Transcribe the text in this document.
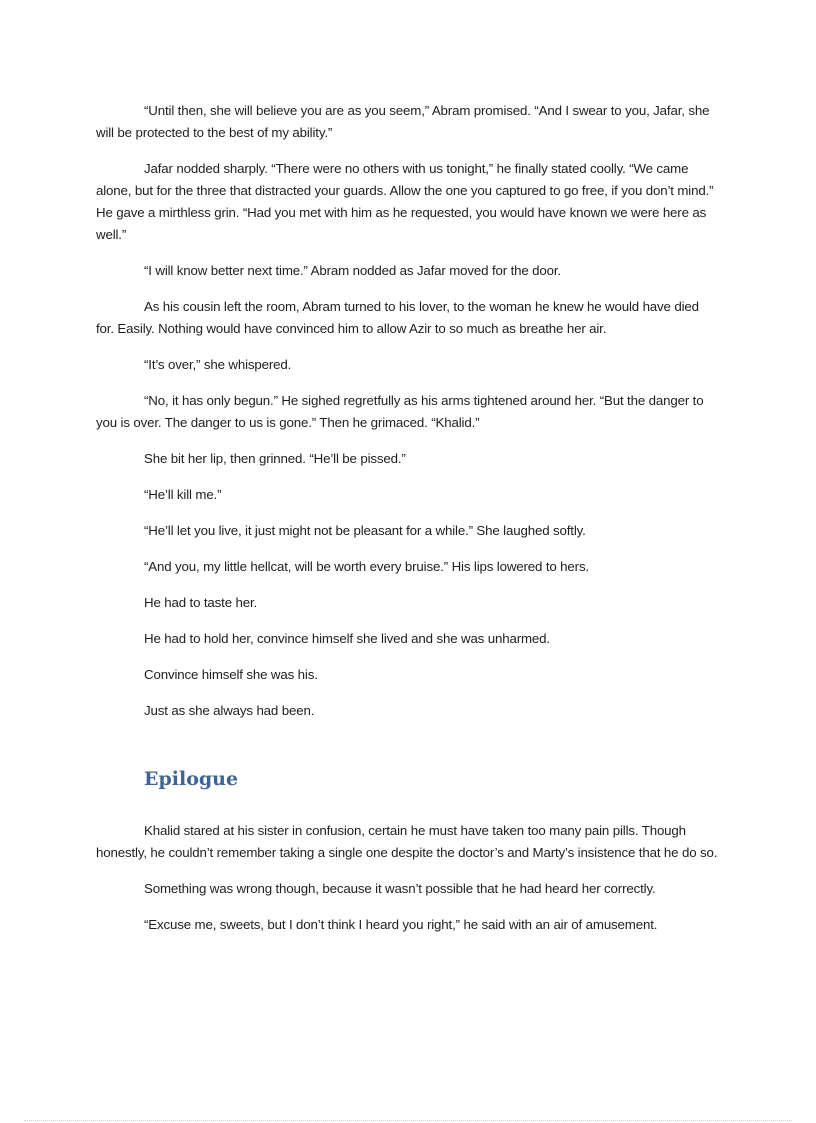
“Until then, she will believe you are as you seem,” Abram promised. “And I swear to you, Jafar, she will be protected to the best of my ability.”

Jafar nodded sharply. “There were no others with us tonight,” he finally stated coolly. “We came alone, but for the three that distracted your guards. Allow the one you captured to go free, if you don’t mind.” He gave a mirthless grin. “Had you met with him as he requested, you would have known we were here as well.”

“I will know better next time.” Abram nodded as Jafar moved for the door.

As his cousin left the room, Abram turned to his lover, to the woman he knew he would have died for. Easily. Nothing would have convinced him to allow Azir to so much as breathe her air.

“It’s over,” she whispered.

“No, it has only begun.” He sighed regretfully as his arms tightened around her. “But the danger to you is over. The danger to us is gone.” Then he grimaced. “Khalid.”

She bit her lip, then grinned. “He’ll be pissed.”

“He’ll kill me.”

“He’ll let you live, it just might not be pleasant for a while.” She laughed softly.

“And you, my little hellcat, will be worth every bruise.” His lips lowered to hers.

He had to taste her.

He had to hold her, convince himself she lived and she was unharmed.

Convince himself she was his.

Just as she always had been.

Epilogue

Khalid stared at his sister in confusion, certain he must have taken too many pain pills. Though honestly, he couldn’t remember taking a single one despite the doctor’s and Marty’s insistence that he do so.

Something was wrong though, because it wasn’t possible that he had heard her correctly.

“Excuse me, sweets, but I don’t think I heard you right,” he said with an air of amusement.
